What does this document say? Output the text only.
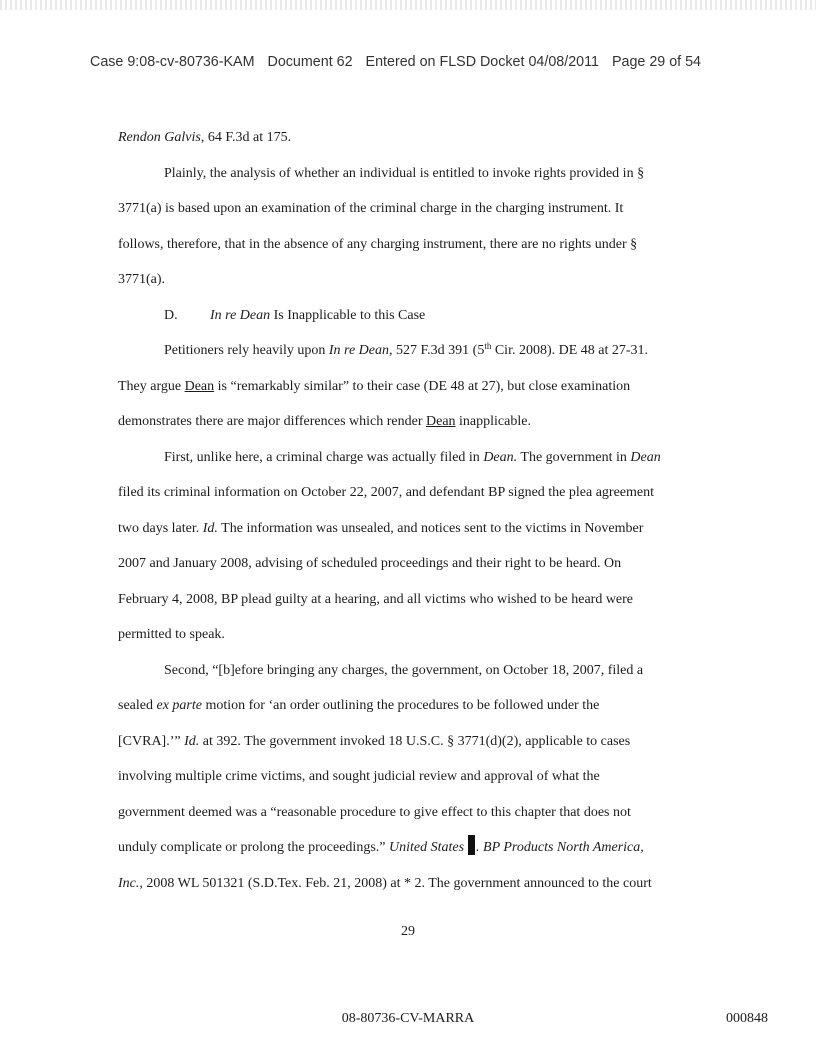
Case 9:08-cv-80736-KAM Document 62 Entered on FLSD Docket 04/08/2011 Page 29 of 54
Rendon Galvis, 64 F.3d at 175.
Plainly, the analysis of whether an individual is entitled to invoke rights provided in §
3771(a) is based upon an examination of the criminal charge in the charging instrument. It
follows, therefore, that in the absence of any charging instrument, there are no rights under §
3771(a).
D. In re Dean Is Inapplicable to this Case
Petitioners rely heavily upon In re Dean, 527 F.3d 391 (5th Cir. 2008). DE 48 at 27-31.
They argue Dean is “remarkably similar” to their case (DE 48 at 27), but close examination
demonstrates there are major differences which render Dean inapplicable.
First, unlike here, a criminal charge was actually filed in Dean. The government in Dean
filed its criminal information on October 22, 2007, and defendant BP signed the plea agreement
two days later. Id. The information was unsealed, and notices sent to the victims in November
2007 and January 2008, advising of scheduled proceedings and their right to be heard. On
February 4, 2008, BP plead guilty at a hearing, and all victims who wished to be heard were
permitted to speak.
Second, “[b]efore bringing any charges, the government, on October 18, 2007, filed a
sealed ex parte motion for ‘an order outlining the procedures to be followed under the
[CVRA].’” Id. at 392. The government invoked 18 U.S.C. § 3771(d)(2), applicable to cases
involving multiple crime victims, and sought judicial review and approval of what the
government deemed was a “reasonable procedure to give effect to this chapter that does not
unduly complicate or prolong the proceedings.” United States . BP Products North America,
Inc., 2008 WL 501321 (S.D.Tex. Feb. 21, 2008) at * 2. The government announced to the court
29
08-80736-CV-MARRA	000848
